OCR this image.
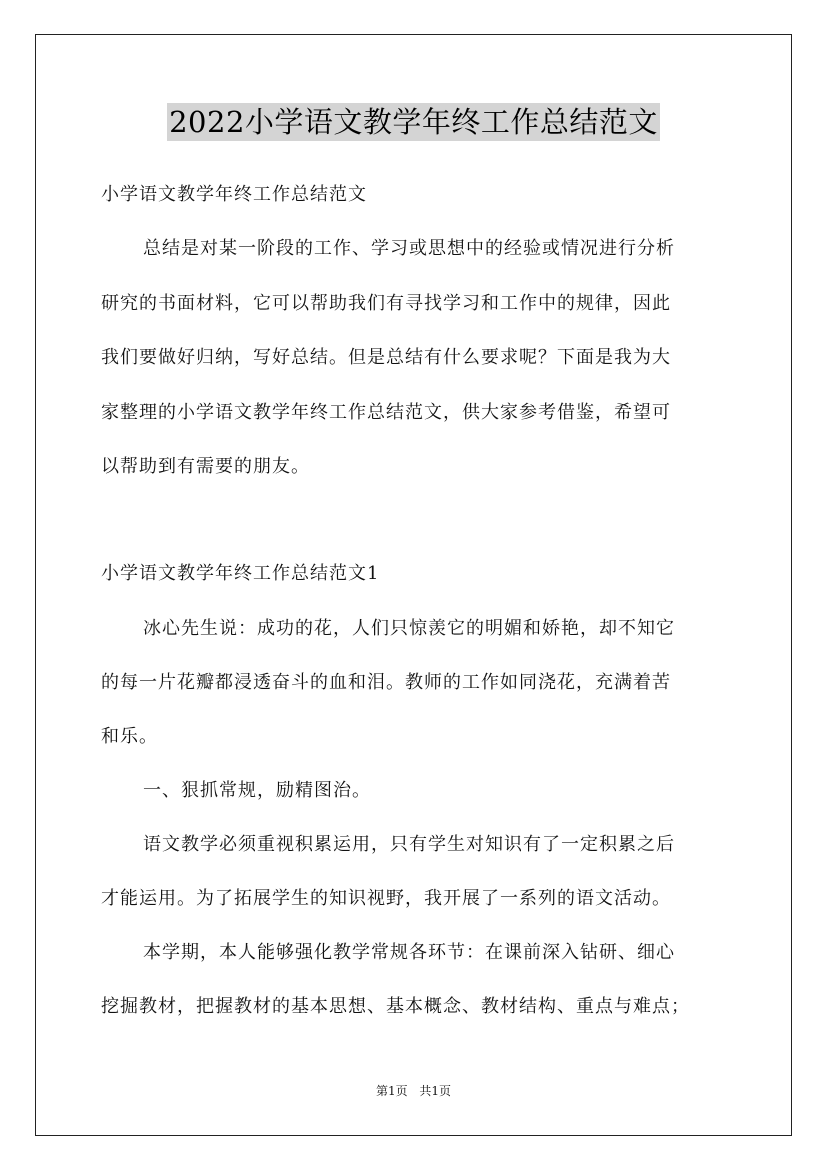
2022小学语文教学年终工作总结范文
小学语文教学年终工作总结范文
总结是对某一阶段的工作、学习或思想中的经验或情况进行分析
研究的书面材料，它可以帮助我们有寻找学习和工作中的规律，因此
我们要做好归纳，写好总结。但是总结有什么要求呢？下面是我为大
家整理的小学语文教学年终工作总结范文，供大家参考借鉴，希望可
以帮助到有需要的朋友。
小学语文教学年终工作总结范文1
冰心先生说：成功的花，人们只惊羡它的明媚和娇艳，却不知它
的每一片花瓣都浸透奋斗的血和泪。教师的工作如同浇花，充满着苦
和乐。
一、狠抓常规，励精图治。
语文教学必须重视积累运用，只有学生对知识有了一定积累之后
才能运用。为了拓展学生的知识视野，我开展了一系列的语文活动。
本学期，本人能够强化教学常规各环节：在课前深入钻研、细心
挖掘教材，把握教材的基本思想、基本概念、教材结构、重点与难点；
第1页 共1页
